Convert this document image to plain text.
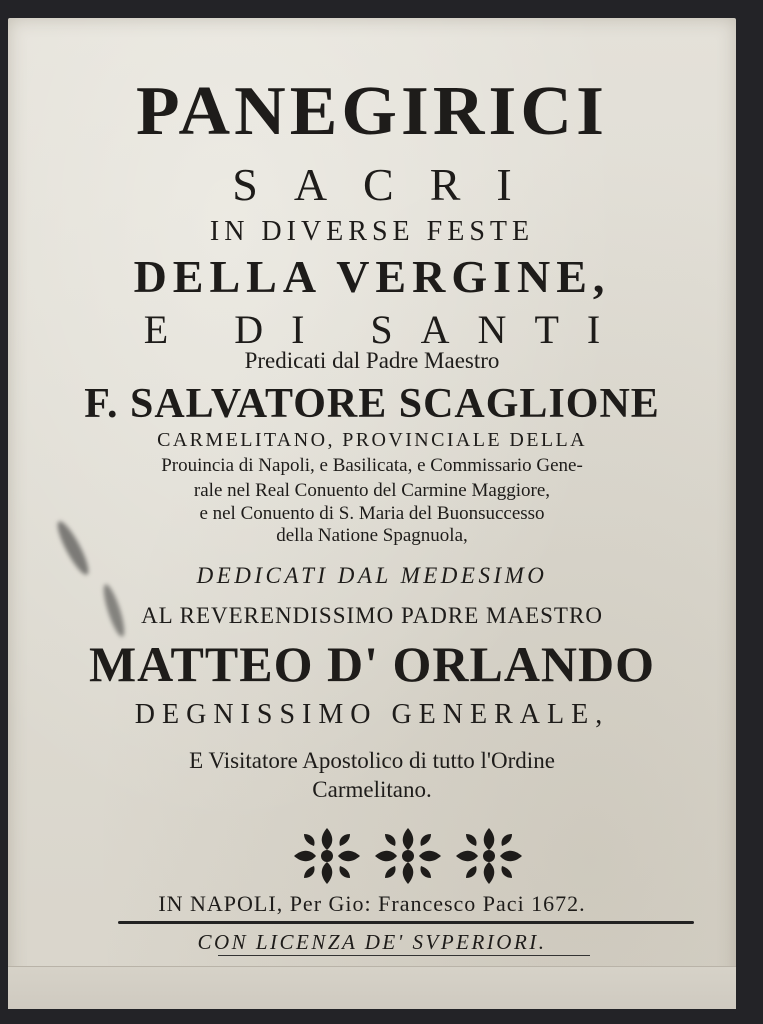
PANEGIRICI
SACRI
IN DIVERSE FESTE
DELLA VERGINE,
E DI SANTI
Predicati dal Padre Maestro
F. SALVATORE SCAGLIONE
CARMELITANO, PROVINCIALE DELLA
Prouincia di Napoli, e Basilicata, e Commissario Gene-
rale nel Real Conuento del Carmine Maggiore,
e nel Conuento di S. Maria del Buonsuccesso
della Natione Spagnuola,
DEDICATI DAL MEDESIMO
AL REVERENDISSIMO PADRE MAESTRO
MATTEO D' ORLANDO
DEGNISSIMO GENERALE,
E Visitatore Apostolico di tutto l'Ordine
Carmelitano.
IN NAPOLI, Per Gio: Francesco Paci 1672.
CON LICENZA DE' SVPERIORI.
